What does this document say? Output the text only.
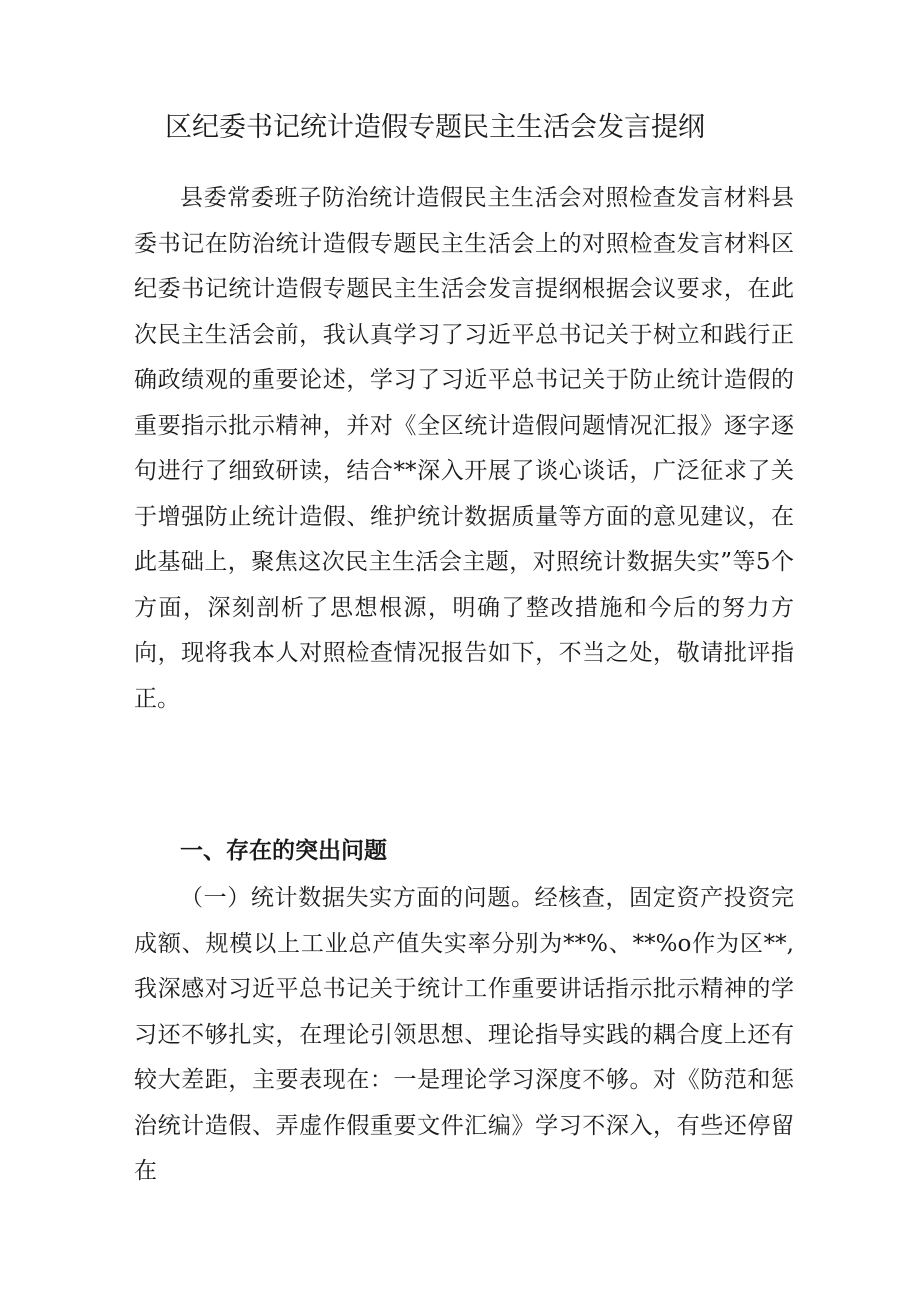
区纪委书记统计造假专题民主生活会发言提纲

县委常委班子防治统计造假民主生活会对照检查发言材料县委书记在防治统计造假专题民主生活会上的对照检查发言材料区纪委书记统计造假专题民主生活会发言提纲根据会议要求，在此次民主生活会前，我认真学习了习近平总书记关于树立和践行正确政绩观的重要论述，学习了习近平总书记关于防止统计造假的重要指示批示精神，并对《全区统计造假问题情况汇报》逐字逐句进行了细致研读，结合**深入开展了谈心谈话，广泛征求了关于增强防止统计造假、维护统计数据质量等方面的意见建议，在此基础上，聚焦这次民主生活会主题，对照统计数据失实”等5个方面，深刻剖析了思想根源，明确了整改措施和今后的努力方向，现将我本人对照检查情况报告如下，不当之处，敬请批评指正。

一、存在的突出问题

（一）统计数据失实方面的问题。经核查，固定资产投资完成额、规模以上工业总产值失实率分别为**%、**%o作为区**,我深感对习近平总书记关于统计工作重要讲话指示批示精神的学习还不够扎实，在理论引领思想、理论指导实践的耦合度上还有较大差距，主要表现在：一是理论学习深度不够。对《防范和惩治统计造假、弄虚作假重要文件汇编》学习不深入，有些还停留在
